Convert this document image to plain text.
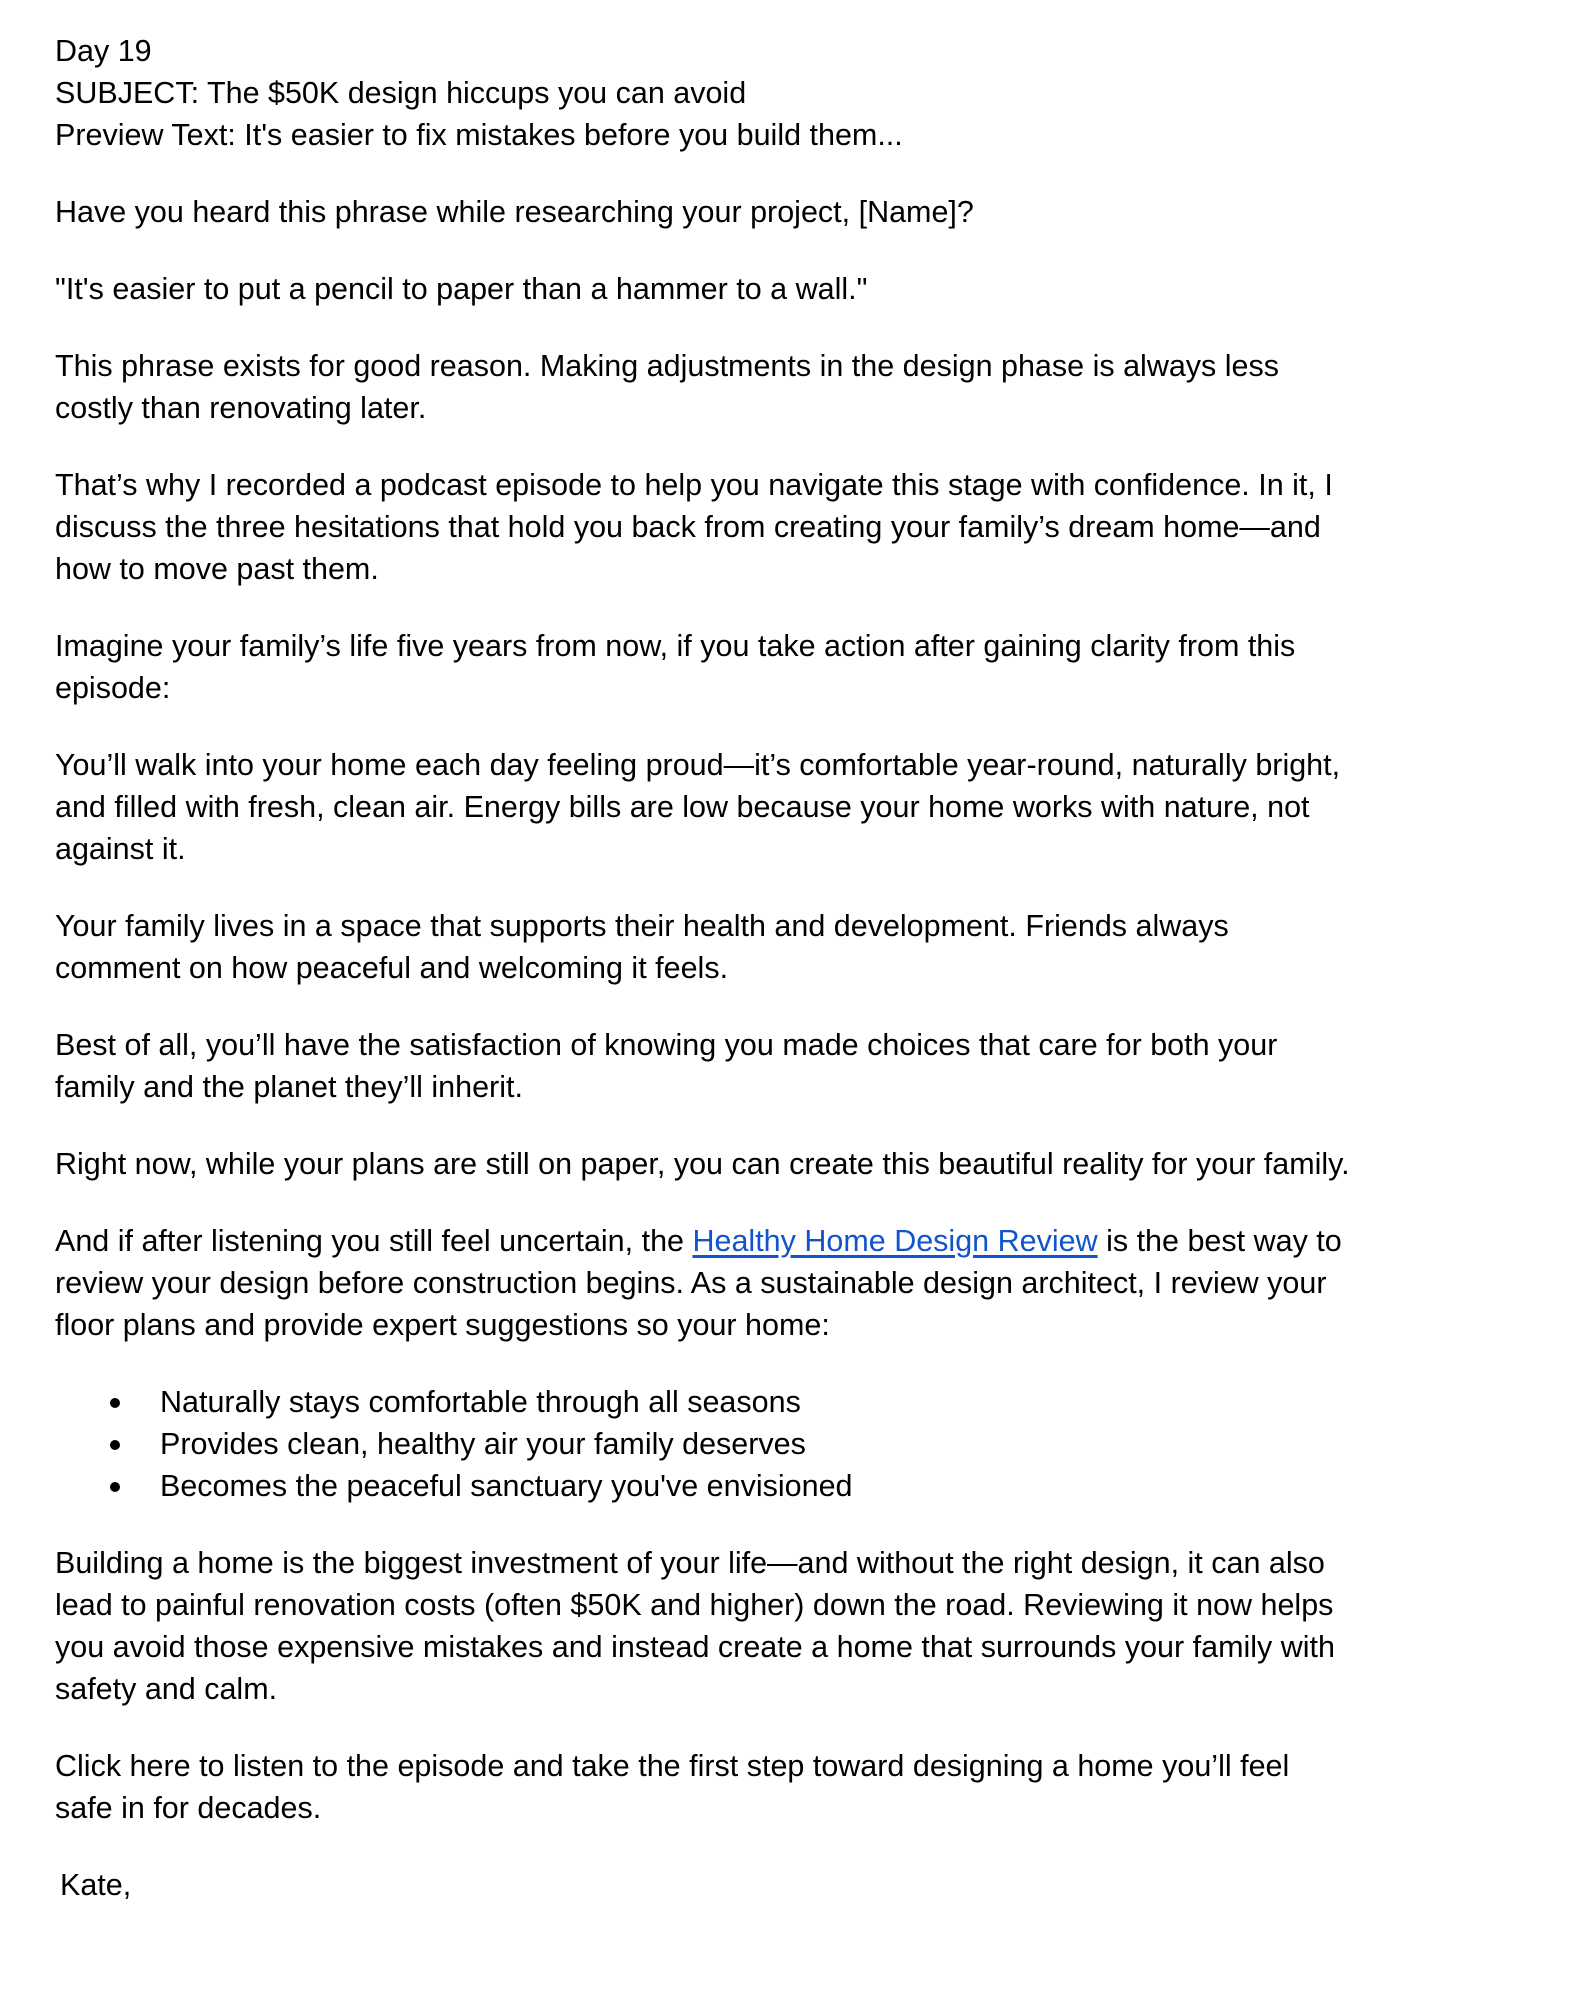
Day 19
SUBJECT: The $50K design hiccups you can avoid
Preview Text: It's easier to fix mistakes before you build them...

Have you heard this phrase while researching your project, [Name]?

"It's easier to put a pencil to paper than a hammer to a wall."

This phrase exists for good reason. Making adjustments in the design phase is always less
costly than renovating later.

That’s why I recorded a podcast episode to help you navigate this stage with confidence. In it, I
discuss the three hesitations that hold you back from creating your family’s dream home—and
how to move past them.

Imagine your family’s life five years from now, if you take action after gaining clarity from this
episode:

You’ll walk into your home each day feeling proud—it’s comfortable year-round, naturally bright,
and filled with fresh, clean air. Energy bills are low because your home works with nature, not
against it.

Your family lives in a space that supports their health and development. Friends always
comment on how peaceful and welcoming it feels.

Best of all, you’ll have the satisfaction of knowing you made choices that care for both your
family and the planet they’ll inherit.

Right now, while your plans are still on paper, you can create this beautiful reality for your family.

And if after listening you still feel uncertain, the Healthy Home Design Review is the best way to
review your design before construction begins. As a sustainable design architect, I review your
floor plans and provide expert suggestions so your home:

Naturally stays comfortable through all seasons
Provides clean, healthy air your family deserves
Becomes the peaceful sanctuary you've envisioned

Building a home is the biggest investment of your life—and without the right design, it can also
lead to painful renovation costs (often $50K and higher) down the road. Reviewing it now helps
you avoid those expensive mistakes and instead create a home that surrounds your family with
safety and calm.

Click here to listen to the episode and take the first step toward designing a home you’ll feel
safe in for decades.

Kate,
